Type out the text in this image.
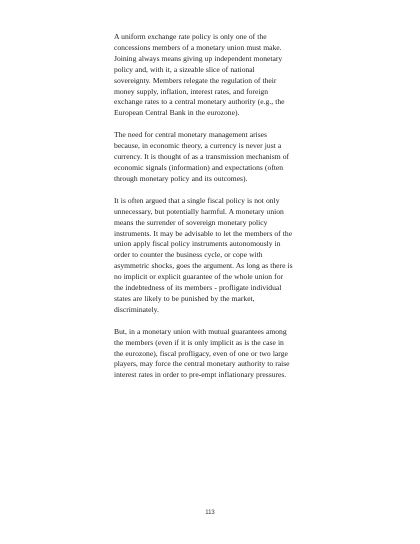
A uniform exchange rate policy is only one of the
concessions members of a monetary union must make.
Joining always means giving up independent monetary
policy and, with it, a sizeable slice of national
sovereignty. Members relegate the regulation of their
money supply, inflation, interest rates, and foreign
exchange rates to a central monetary authority (e.g., the
European Central Bank in the eurozone).

The need for central monetary management arises
because, in economic theory, a currency is never just a
currency. It is thought of as a transmission mechanism of
economic signals (information) and expectations (often
through monetary policy and its outcomes).

It is often argued that a single fiscal policy is not only
unnecessary, but potentially harmful. A monetary union
means the surrender of sovereign monetary policy
instruments. It may be advisable to let the members of the
union apply fiscal policy instruments autonomously in
order to counter the business cycle, or cope with
asymmetric shocks, goes the argument. As long as there is
no implicit or explicit guarantee of the whole union for
the indebtedness of its members - profligate individual
states are likely to be punished by the market,
discriminately.

But, in a monetary union with mutual guarantees among
the members (even if it is only implicit as is the case in
the eurozone), fiscal profligacy, even of one or two large
players, may force the central monetary authority to raise
interest rates in order to pre-empt inflationary pressures.

113
